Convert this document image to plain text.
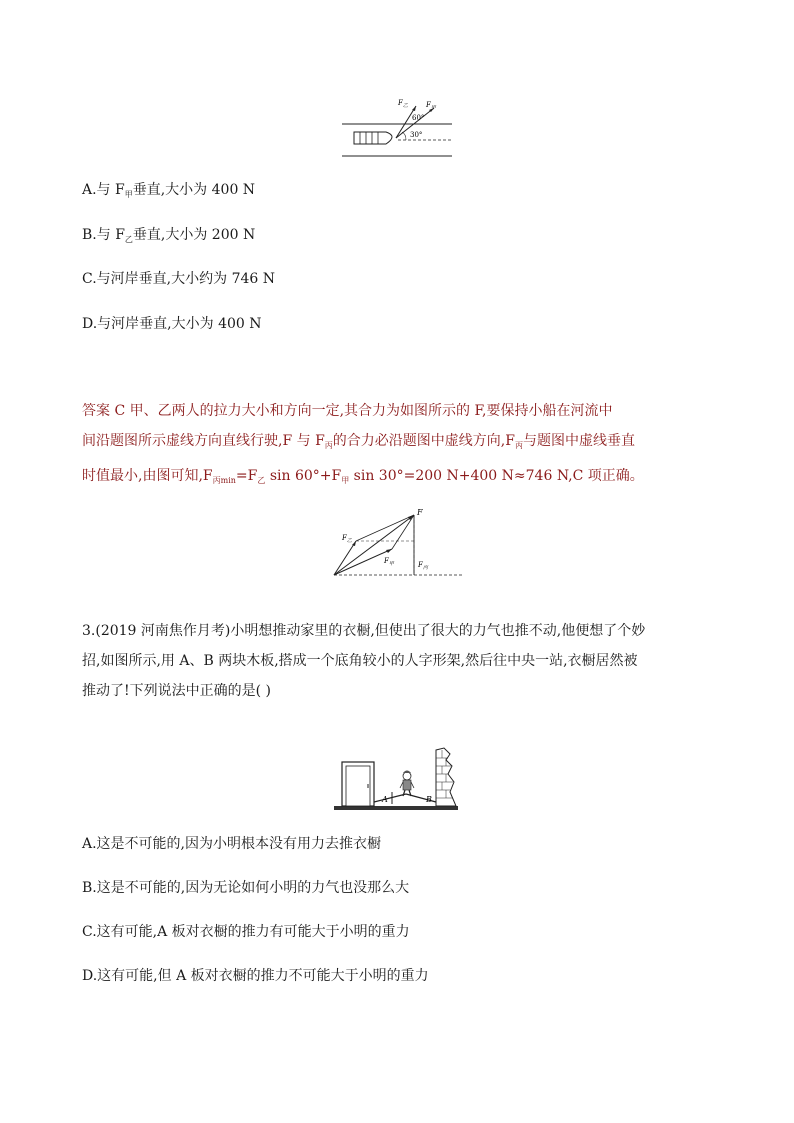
$F_乙$	$F_甲$
60°
30°
A.与 $F_甲$垂直,大小为 400 N
B.与 $F_乙$垂直,大小为 200 N
C.与河岸垂直,大小约为 746 N
D.与河岸垂直,大小为 400 N
答案 C 甲、乙两人的拉力大小和方向一定,其合力为如图所示的 F,要保持小船在河流中
间沿题图所示虚线方向直线行驶,F 与 $F_丙$的合力必沿题图中虚线方向$,F_丙$与题图中虚线垂直
时值最小,由图可知$,F_{丙min}=F_乙$ $\sin 60^\circ+F_甲$ sin 30°=200 N+400 N≈746 N,C 项正确。
F
$F_乙$
$F_甲$	$F_丙$
3.(2019 河南焦作月考)小明想推动家里的衣橱,但使出了很大的力气也推不动,他便想了个妙
招,如图所示,用 A、B 两块木板,搭成一个底角较小的人字形架,然后往中央一站,衣橱居然被
推动了!下列说法中正确的是( )
A	B
A.这是不可能的,因为小明根本没有用力去推衣橱
B.这是不可能的,因为无论如何小明的力气也没那么大
C.这有可能,A 板对衣橱的推力有可能大于小明的重力
D.这有可能,但 A 板对衣橱的推力不可能大于小明的重力
